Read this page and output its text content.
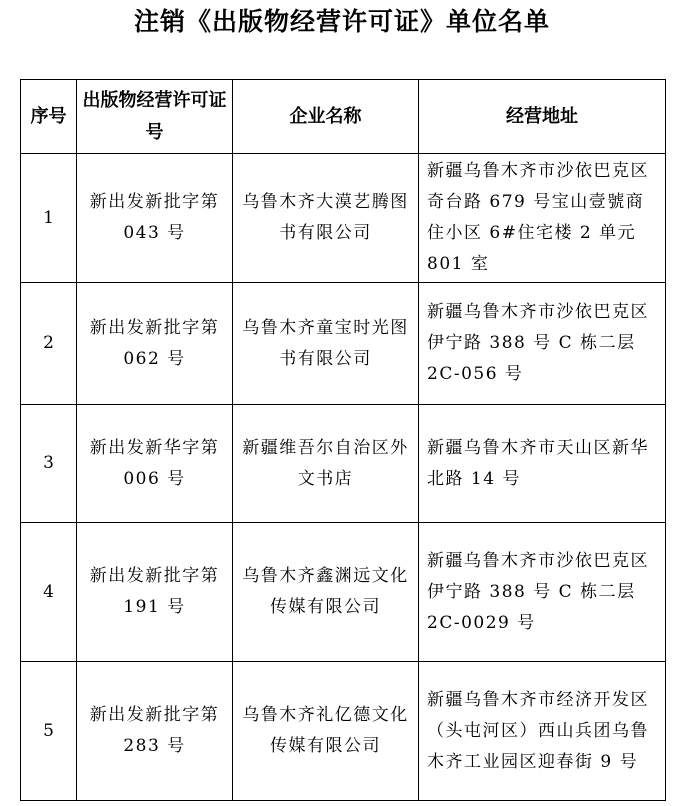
注销《出版物经营许可证》单位名单
序号	出版物经营许可证号	企业名称	经营地址
1	新出发新批字第 043 号	乌鲁木齐大漠艺腾图书有限公司	新疆乌鲁木齐市沙依巴克区奇台路 679 号宝山壹號商住小区 6#住宅楼 2 单元 801 室
2	新出发新批字第 062 号	乌鲁木齐童宝时光图书有限公司	新疆乌鲁木齐市沙依巴克区伊宁路 388 号 C 栋二层 2C-056 号
3	新出发新华字第 006 号	新疆维吾尔自治区外文书店	新疆乌鲁木齐市天山区新华北路 14 号
4	新出发新批字第 191 号	乌鲁木齐鑫渊远文化传媒有限公司	新疆乌鲁木齐市沙依巴克区伊宁路 388 号 C 栋二层 2C-0029 号
5	新出发新批字第 283 号	乌鲁木齐礼亿德文化传媒有限公司	新疆乌鲁木齐市经济开发区（头屯河区）西山兵团乌鲁木齐工业园区迎春街 9 号
